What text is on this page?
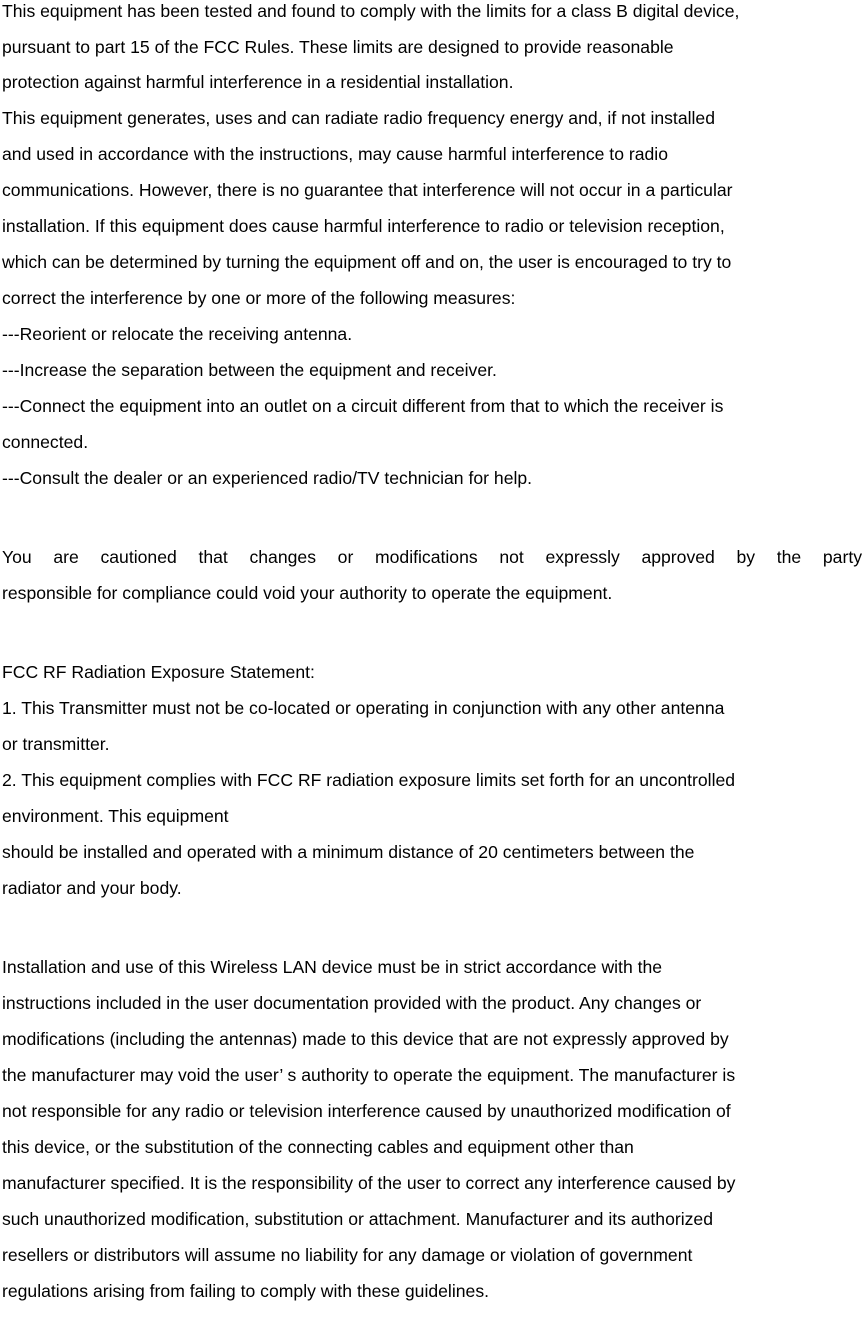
This equipment has been tested and found to comply with the limits for a class B digital device,

pursuant to part 15 of the FCC Rules. These limits are designed to provide reasonable

protection against harmful interference in a residential installation.

This equipment generates, uses and can radiate radio frequency energy and, if not installed

and used in accordance with the instructions, may cause harmful interference to radio

communications. However, there is no guarantee that interference will not occur in a particular

installation. If this equipment does cause harmful interference to radio or television reception,

which can be determined by turning the equipment off and on, the user is encouraged to try to

correct the interference by one or more of the following measures:

---Reorient or relocate the receiving antenna.

---Increase the separation between the equipment and receiver.

---Connect the equipment into an outlet on a circuit different from that to which the receiver is

connected.

---Consult the dealer or an experienced radio/TV technician for help.

You are cautioned that changes or modifications not expressly approved by the party

responsible for compliance could void your authority to operate the equipment.

FCC RF Radiation Exposure Statement:

1. This Transmitter must not be co-located or operating in conjunction with any other antenna

or transmitter.

2. This equipment complies with FCC RF radiation exposure limits set forth for an uncontrolled

environment. This equipment

should be installed and operated with a minimum distance of 20 centimeters between the

radiator and your body.

Installation and use of this Wireless LAN device must be in strict accordance with the

instructions included in the user documentation provided with the product. Any changes or

modifications (including the antennas) made to this device that are not expressly approved by

the manufacturer may void the user’ s authority to operate the equipment. The manufacturer is

not responsible for any radio or television interference caused by unauthorized modification of

this device, or the substitution of the connecting cables and equipment other than

manufacturer specified. It is the responsibility of the user to correct any interference caused by

such unauthorized modification, substitution or attachment. Manufacturer and its authorized

resellers or distributors will assume no liability for any damage or violation of government

regulations arising from failing to comply with these guidelines.
